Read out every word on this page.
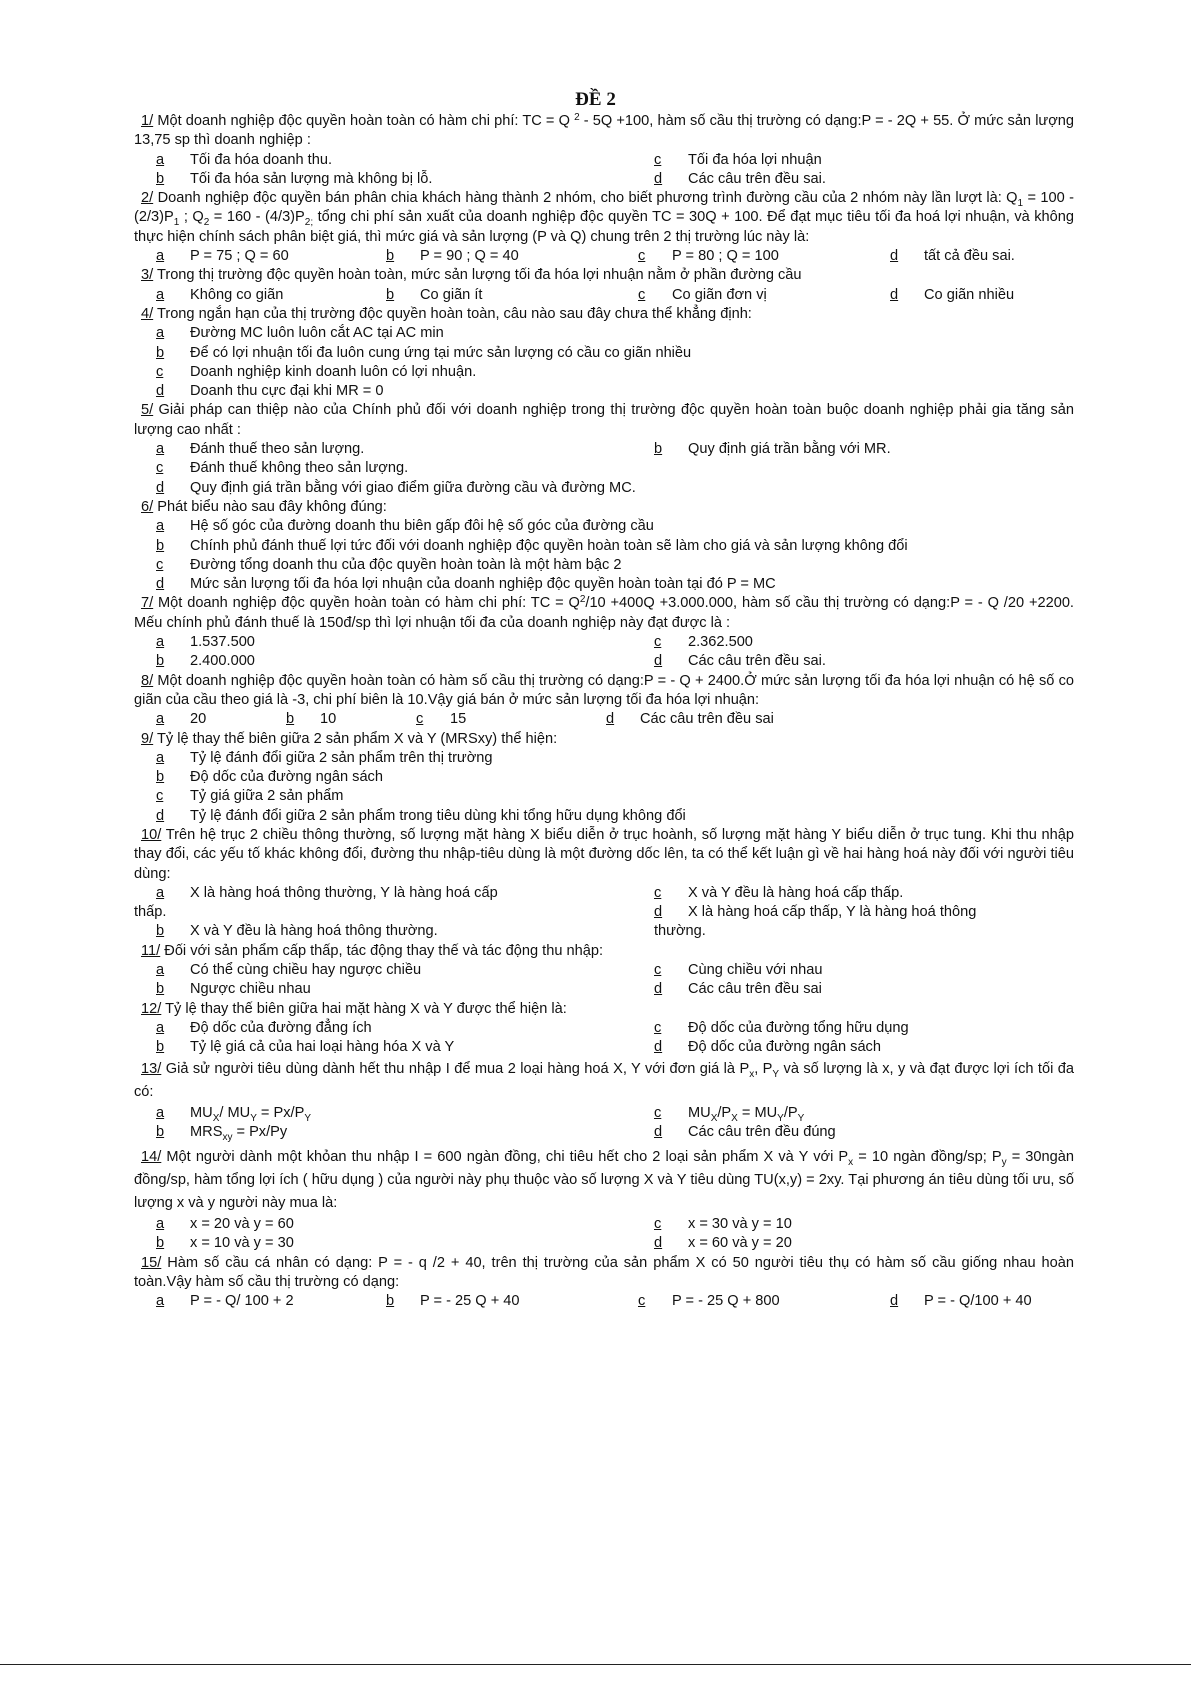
ĐỀ 2

1/ Một doanh nghiệp độc quyền hoàn toàn có hàm chi phí: TC = Q $^2$ - 5Q +100, hàm số cầu thị trường có dạng:P = - 2Q + 55. Ở mức sản lượng 13,75 sp thì doanh nghiệp :

a	Tối đa hóa doanh thu.	c	Tối đa hóa lợi nhuận
b	Tối đa hóa sản lượng mà không bị lỗ.	d	Các câu trên đều sai.

2/ Doanh nghiệp độc quyền bán phân chia khách hàng thành 2 nhóm, cho biết phương trình đường cầu của 2 nhóm này lần lượt là: $Q_1 = 100 - (2/3)P_1$ ; $Q_2 = 160 - (4/3)P_{2;}$ tổng chi phí sản xuất của doanh nghiệp độc quyền TC = 30Q + 100. Để đạt mục tiêu tối đa hoá lợi nhuận, và không thực hiện chính sách phân biệt giá, thì mức giá và sản lượng (P và Q) chung trên 2 thị trường lúc này là:

a	P = 75 ; Q = 60	b	P = 90 ; Q = 40	c	P = 80 ; Q = 100	d	tất cả đều sai.

3/ Trong thị trường độc quyền hoàn toàn, mức sản lượng tối đa hóa lợi nhuận nằm ở phần đường cầu

a	Không co giãn	b	Co giãn ít	c	Co giãn đơn vị	d	Co giãn nhiều

4/ Trong ngắn hạn của thị trường độc quyền hoàn toàn, câu nào sau đây chưa thể khẳng định:

a	Đường MC luôn luôn cắt AC tại AC min
b	Để có lợi nhuận tối đa luôn cung ứng tại mức sản lượng có cầu co giãn nhiều
c	Doanh nghiệp kinh doanh luôn có lợi nhuận.
d	Doanh thu cực đại khi MR = 0

5/ Giải pháp can thiệp nào của Chính phủ đối với doanh nghiệp trong thị trường độc quyền hoàn toàn buộc doanh nghiệp phải gia tăng sản lượng cao nhất :

a	Đánh thuế theo sản lượng.	b	Quy định giá trần bằng với MR.
c	Đánh thuế không theo sản lượng.
d	Quy định giá trần bằng với giao điểm giữa đường cầu và đường MC.

6/ Phát biểu nào sau đây không đúng:

a	Hệ số góc của đường doanh thu biên gấp đôi hệ số góc của đường cầu
b	Chính phủ đánh thuế lợi tức đối với doanh nghiệp độc quyền hoàn toàn sẽ làm cho giá và sản lượng không đổi
c	Đường tổng doanh thu của độc quyền hoàn toàn là một hàm bậc 2
d	Mức sản lượng tối đa hóa lợi nhuận của doanh nghiệp độc quyền hoàn toàn tại đó P = MC

7/ Một doanh nghiệp độc quyền hoàn toàn có hàm chi phí: TC = $Q^2/10 +400Q +3.000.000$, hàm số cầu thị trường có dạng:P = - Q /20 +2200. Mếu chính phủ đánh thuế là 150đ/sp thì lợi nhuận tối đa của doanh nghiệp này đạt được là :

a	1.537.500	c	2.362.500
b	2.400.000	d	Các câu trên đều sai.

8/ Một doanh nghiệp độc quyền hoàn toàn có hàm số cầu thị trường có dạng:P = - Q + 2400.Ở mức sản lượng tối đa hóa lợi nhuận có hệ số co giãn của cầu theo giá là -3, chi phí biên là 10.Vậy giá bán ở mức sản lượng tối đa hóa lợi nhuận:

a	20	b	10	c	15	d	Các câu trên đều sai

9/ Tỷ lệ thay thế biên giữa 2 sản phẩm X và Y (MRSxy) thể hiện:

a	Tỷ lệ đánh đổi giữa 2 sản phẩm trên thị trường
b	Độ dốc của đường ngân sách
c	Tỷ giá giữa 2 sản phẩm
d	Tỷ lệ đánh đổi giữa 2 sản phẩm trong tiêu dùng khi tổng hữu dụng không đổi

10/ Trên hệ trục 2 chiều thông thường, số lượng mặt hàng X biểu diễn ở trục hoành, số lượng mặt hàng Y biểu diễn ở trục tung. Khi thu nhập thay đổi, các yếu tố khác không đổi, đường thu nhập-tiêu dùng là một đường dốc lên, ta có thể kết luận gì về hai hàng hoá này đối với người tiêu dùng:

a	X là hàng hoá thông thường, Y là hàng hoá cấp	c	X và Y đều là hàng hoá cấp thấp.
thấp.	d	X là hàng hoá cấp thấp, Y là hàng hoá thông
b	X và Y đều là hàng hoá thông thường.	thường.

11/ Đối với sản phẩm cấp thấp, tác động thay thế và tác động thu nhập:

a	Có thể cùng chiều hay ngược chiều	c	Cùng chiều với nhau
b	Ngược chiều nhau	d	Các câu trên đều sai

12/ Tỷ lệ thay thế biên giữa hai mặt hàng X và Y được thể hiện là:

a	Độ dốc của đường đẳng ích	c	Độ dốc của đường tổng hữu dụng
b	Tỷ lệ giá cả của hai loại hàng hóa X và Y	d	Độ dốc của đường ngân sách

13/ Giả sử người tiêu dùng dành hết thu nhập I để mua 2 loại hàng hoá X, Y với đơn giá là $P_x$, $P_Y$ và số lượng là x, y và đạt được lợi ích tối đa có:

a	$MU_X/$ $MU_Y = Px/P_Y$	c	$MU_X/P_X = MU_Y/P_Y$
b	$MRS_{xy} = Px/Py$	d	Các câu trên đều đúng

14/ Một người dành một khỏan thu nhập I = 600 ngàn đồng, chi tiêu hết cho 2 loại sản phẩm X và Y với $P_x = 10$ ngàn đồng/sp; $P_y$ = 30ngàn đồng/sp, hàm tổng lợi ích ( hữu dụng ) của người này phụ thuộc vào số lượng X và Y tiêu dùng TU(x,y) = 2xy. Tại phương án tiêu dùng tối ưu, số lượng x và y người này mua là:

a	x = 20 và y = 60	c	x = 30 và y = 10
b	x = 10 và y = 30	d	x = 60 và y = 20

15/ Hàm số cầu cá nhân có dạng: P = - q /2 + 40, trên thị trường của sản phẩm X có 50 người tiêu thụ có hàm số cầu giống nhau hoàn toàn.Vậy hàm số cầu thị trường có dạng:

a	P = - Q/ 100 + 2	b	P = - 25 Q + 40	c	P = - 25 Q + 800	d	P = - Q/100 + 40
